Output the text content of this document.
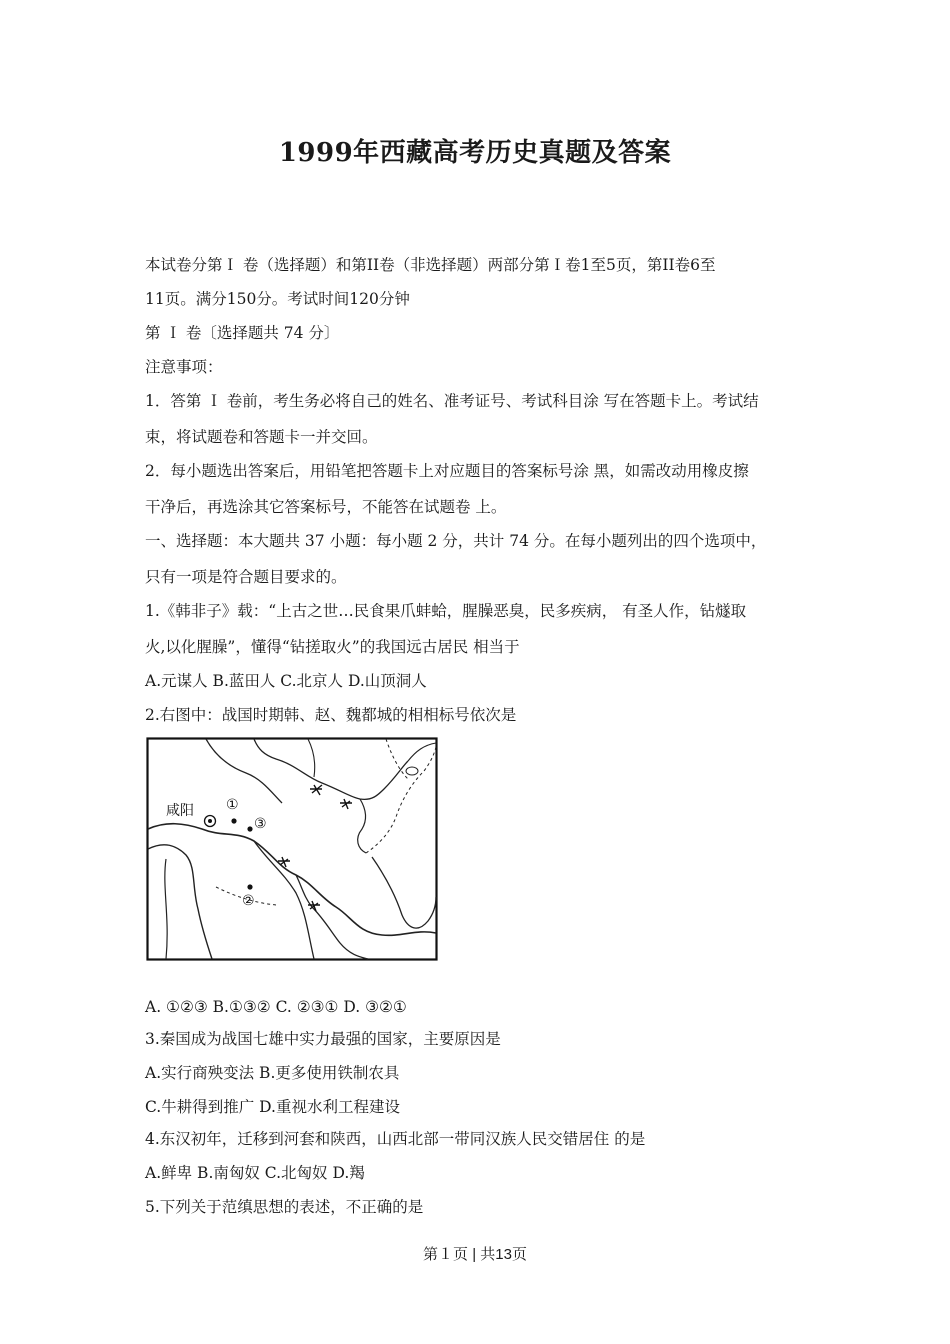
1999年西藏高考历史真题及答案
本试卷分第Ｉ 卷（选择题）和第II卷（非选择题）两部分第Ｉ卷1至5页，第II卷6至
11页。满分150分。考试时间120分钟
第 Ｉ 卷〔选择题共 74 分〕
注意事项：
1．答第 Ｉ 卷前，考生务必将自己的姓名、准考证号、考试科目涂 写在答题卡上。考试结
束，将试题卷和答题卡一并交回。
2．每小题选出答案后，用铅笔把答题卡上对应题目的答案标号涂 黑，如需改动用橡皮擦
干净后，再选涂其它答案标号，不能答在试题卷 上。
一、选择题：本大题共 37 小题：每小题 2 分，共计 74 分。在每小题列出的四个选项中，
只有一项是符合题目要求的。
1.《韩非子》载：“上古之世…民食果爪蚌蛤，腥臊恶臭，民多疾病， 有圣人作，钻燧取
火,以化腥臊”，懂得“钻搓取火”的我国远古居民 相当于
A.元谋人 B.蓝田人 C.北京人 D.山顶洞人
2.右图中：战国时期韩、赵、魏都城的相相标号依次是
咸阳 ①
③
②
A. ①②③ B.①③② C. ②③① D. ③②①
3.秦国成为战国七雄中实力最强的国家，主要原因是
A.实行商殃变法 B.更多使用铁制农具
C.牛耕得到推广 D.重视水利工程建设
4.东汉初年，迁移到河套和陕西，山西北部一带同汉族人民交错居住 的是
A.鲜卑 B.南匈奴 C.北匈奴 D.羯
5.下列关于范缜思想的表述，不正确的是
第１页 | 共13页
